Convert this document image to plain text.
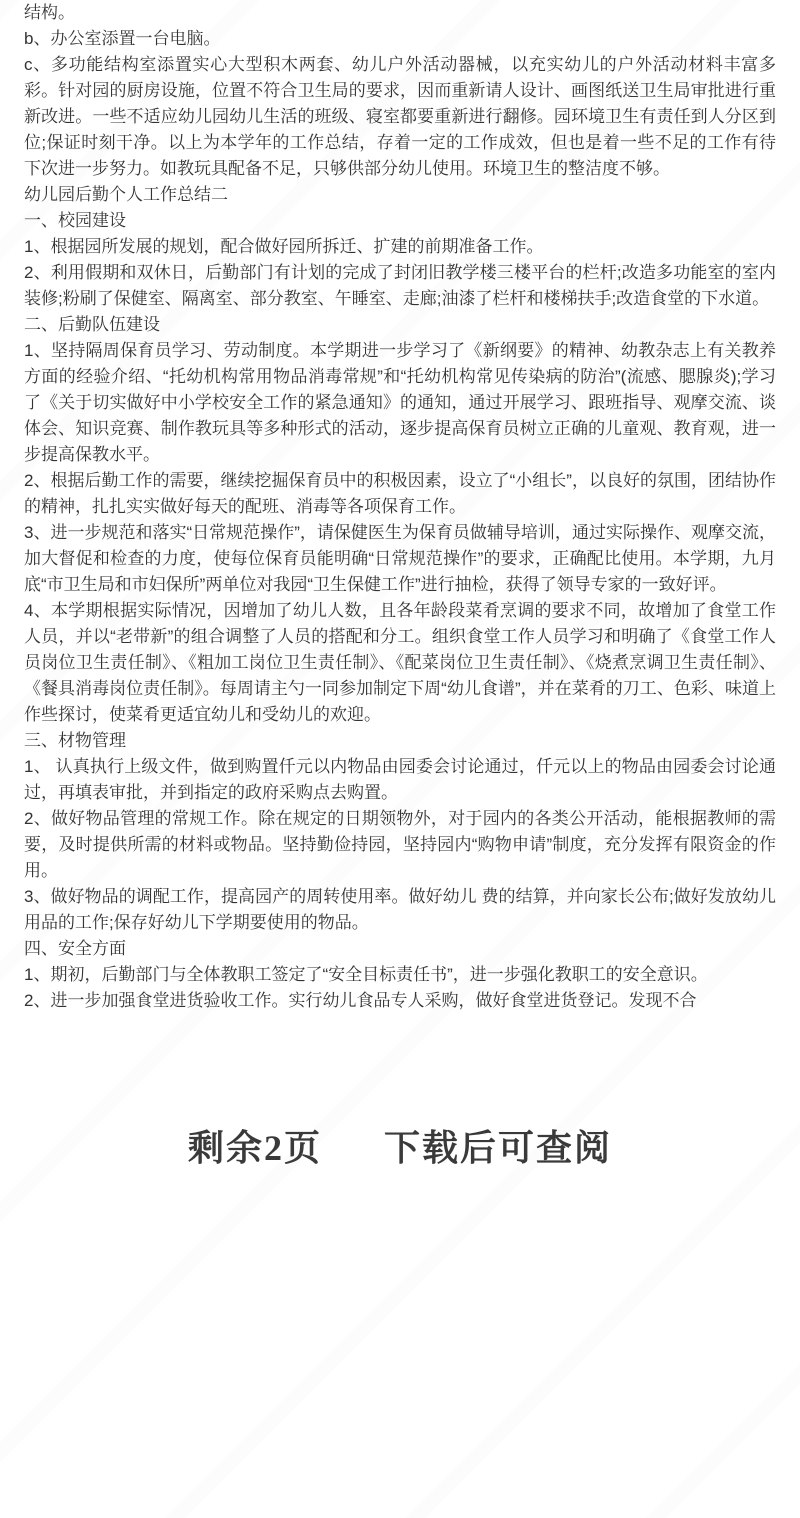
结构。

b、办公室添置一台电脑。

c、多功能结构室添置实心大型积木两套、幼儿户外活动器械，以充实幼儿的户外活动材料丰富多彩。针对园的厨房设施，位置不符合卫生局的要求，因而重新请人设计、画图纸送卫生局审批进行重新改进。一些不适应幼儿园幼儿生活的班级、寝室都要重新进行翻修。园环境卫生有责任到人分区到位;保证时刻干净。以上为本学年的工作总结，存着一定的工作成效，但也是着一些不足的工作有待下次进一步努力。如教玩具配备不足，只够供部分幼儿使用。环境卫生的整洁度不够。

幼儿园后勤个人工作总结二

一、校园建设

1、根据园所发展的规划，配合做好园所拆迁、扩建的前期准备工作。

2、利用假期和双休日，后勤部门有计划的完成了封闭旧教学楼三楼平台的栏杆;改造多功能室的室内装修;粉刷了保健室、隔离室、部分教室、午睡室、走廊;油漆了栏杆和楼梯扶手;改造食堂的下水道。

二、后勤队伍建设

1、坚持隔周保育员学习、劳动制度。本学期进一步学习了《新纲要》的精神、幼教杂志上有关教养方面的经验介绍、“托幼机构常用物品消毒常规”和“托幼机构常见传染病的防治”(流感、腮腺炎);学习了《关于切实做好中小学校安全工作的紧急通知》的通知，通过开展学习、跟班指导、观摩交流、谈体会、知识竞赛、制作教玩具等多种形式的活动，逐步提高保育员树立正确的儿童观、教育观，进一步提高保教水平。

2、根据后勤工作的需要，继续挖掘保育员中的积极因素，设立了“小组长”，以良好的氛围，团结协作的精神，扎扎实实做好每天的配班、消毒等各项保育工作。

3、进一步规范和落实“日常规范操作”，请保健医生为保育员做辅导培训，通过实际操作、观摩交流，加大督促和检查的力度，使每位保育员能明确“日常规范操作”的要求，正确配比使用。本学期，九月底“市卫生局和市妇保所”两单位对我园“卫生保健工作”进行抽检，获得了领导专家的一致好评。

4、本学期根据实际情况，因增加了幼儿人数，且各年龄段菜肴烹调的要求不同，故增加了食堂工作人员，并以“老带新”的组合调整了人员的搭配和分工。组织食堂工作人员学习和明确了《食堂工作人员岗位卫生责任制》、《粗加工岗位卫生责任制》、《配菜岗位卫生责任制》、《烧煮烹调卫生责任制》、《餐具消毒岗位责任制》。每周请主勺一同参加制定下周“幼儿食谱”，并在菜肴的刀工、色彩、味道上作些探讨，使菜肴更适宜幼儿和受幼儿的欢迎。

三、材物管理

1、 认真执行上级文件，做到购置仟元以内物品由园委会讨论通过，仟元以上的物品由园委会讨论通过，再填表审批，并到指定的政府采购点去购置。

2、做好物品管理的常规工作。除在规定的日期领物外，对于园内的各类公开活动，能根据教师的需要，及时提供所需的材料或物品。坚持勤俭持园，坚持园内“购物申请”制度，充分发挥有限资金的作用。

3、做好物品的调配工作，提高园产的周转使用率。做好幼儿 费的结算，并向家长公布;做好发放幼儿 用品的工作;保存好幼儿下学期要使用的物品。

四、安全方面

1、期初，后勤部门与全体教职工签定了“安全目标责任书”，进一步强化教职工的安全意识。

2、进一步加强食堂进货验收工作。实行幼儿食品专人采购，做好食堂进货登记。发现不合

剩余2页 下载后可查阅
